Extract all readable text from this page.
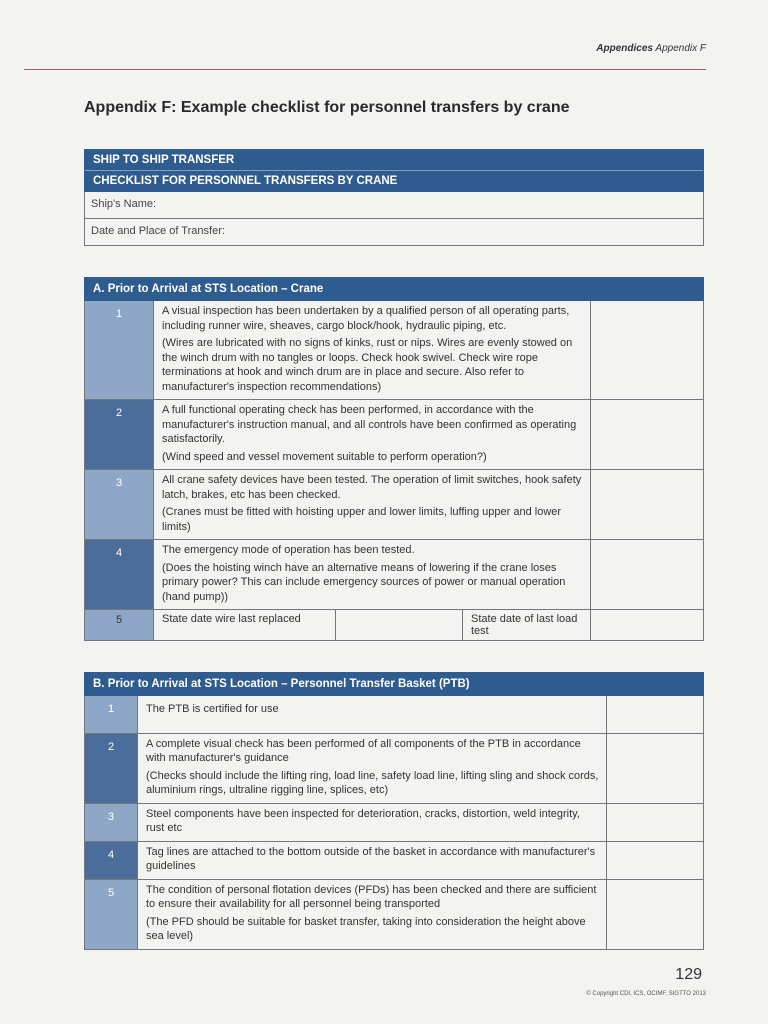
Appendices Appendix F
Appendix F: Example checklist for personnel transfers by crane
SHIP TO SHIP TRANSFER
CHECKLIST FOR PERSONNEL TRANSFERS BY CRANE

Ship's Name:
Date and Place of Transfer:
A. Prior to Arrival at STS Location – Crane				
1	A visual inspection has been undertaken by a qualified person of all operating parts, including runner wire, sheaves, cargo block/hook, hydraulic piping, etc.

(Wires are lubricated with no signs of kinks, rust or nips. Wires are evenly stowed on the winch drum with no tangles or loops. Check hook swivel. Check wire rope terminations at hook and winch drum are in place and secure. Also refer to manufacturer's inspection recommendations)			

2	A full functional operating check has been performed, in accordance with the manufacturer's instruction manual, and all controls have been confirmed as operating satisfactorily.

(Wind speed and vessel movement suitable to perform operation?)			

3	All crane safety devices have been tested. The operation of limit switches, hook safety latch, brakes, etc has been checked.

(Cranes must be fitted with hoisting upper and lower limits, luffing upper and lower limits)			

4	The emergency mode of operation has been tested.

(Does the hoisting winch have an alternative means of lowering if the crane loses primary power? This can include emergency sources of power or manual operation (hand pump))			

5	State date wire last replaced		State date of last load test	
B. Prior to Arrival at STS Location – Personnel Transfer Basket (PTB)		
1	The PTB is certified for use	

2	A complete visual check has been performed of all components of the PTB in accordance with manufacturer's guidance

(Checks should include the lifting ring, load line, safety load line, lifting sling and shock cords, aluminium rings, ultraline rigging line, splices, etc)	

3	Steel components have been inspected for deterioration, cracks, distortion, weld integrity, rust etc	

4	Tag lines are attached to the bottom outside of the basket in accordance with manufacturer's guidelines	

5	The condition of personal flotation devices (PFDs) has been checked and there are sufficient to ensure their availability for all personnel being transported

(The PFD should be suitable for basket transfer, taking into consideration the height above sea level)	

129
© Copyright CDI, ICS, OCIMF, SIGTTO 2013
